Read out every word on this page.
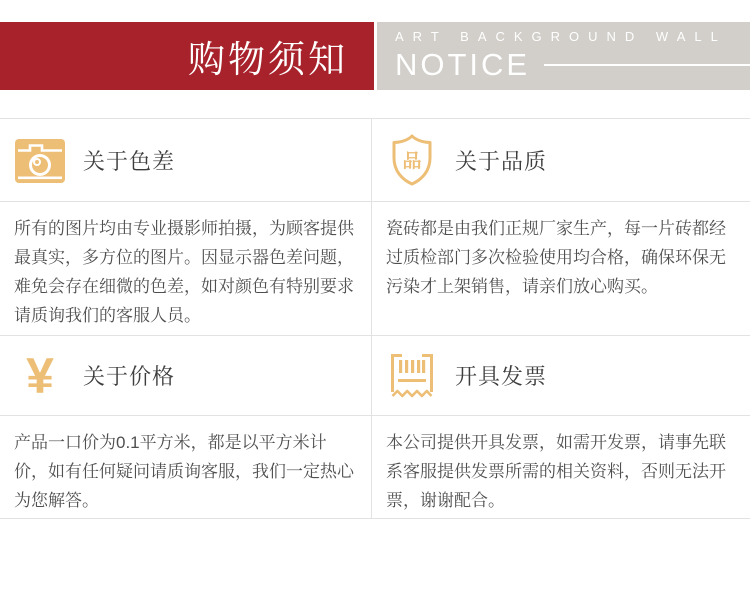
购物须知
ART BACKGROUND WALL
NOTICE
关于色差	品 关于品质
所有的图片均由专业摄影师拍摄，为顾客提供最真实，多方位的图片。因显示器色差问题，难免会存在细微的色差，如对颜色有特别要求请质询我们的客服人员。
瓷砖都是由我们正规厂家生产，每一片砖都经过质检部门多次检验使用均合格，确保环保无污染才上架销售，请亲们放心购买。
¥ 关于价格	开具发票
产品一口价为0.1平方米，都是以平方米计价，如有任何疑问请质询客服，我们一定热心为您解答。
本公司提供开具发票，如需开发票，请事先联系客服提供发票所需的相关资料，否则无法开票，谢谢配合。
